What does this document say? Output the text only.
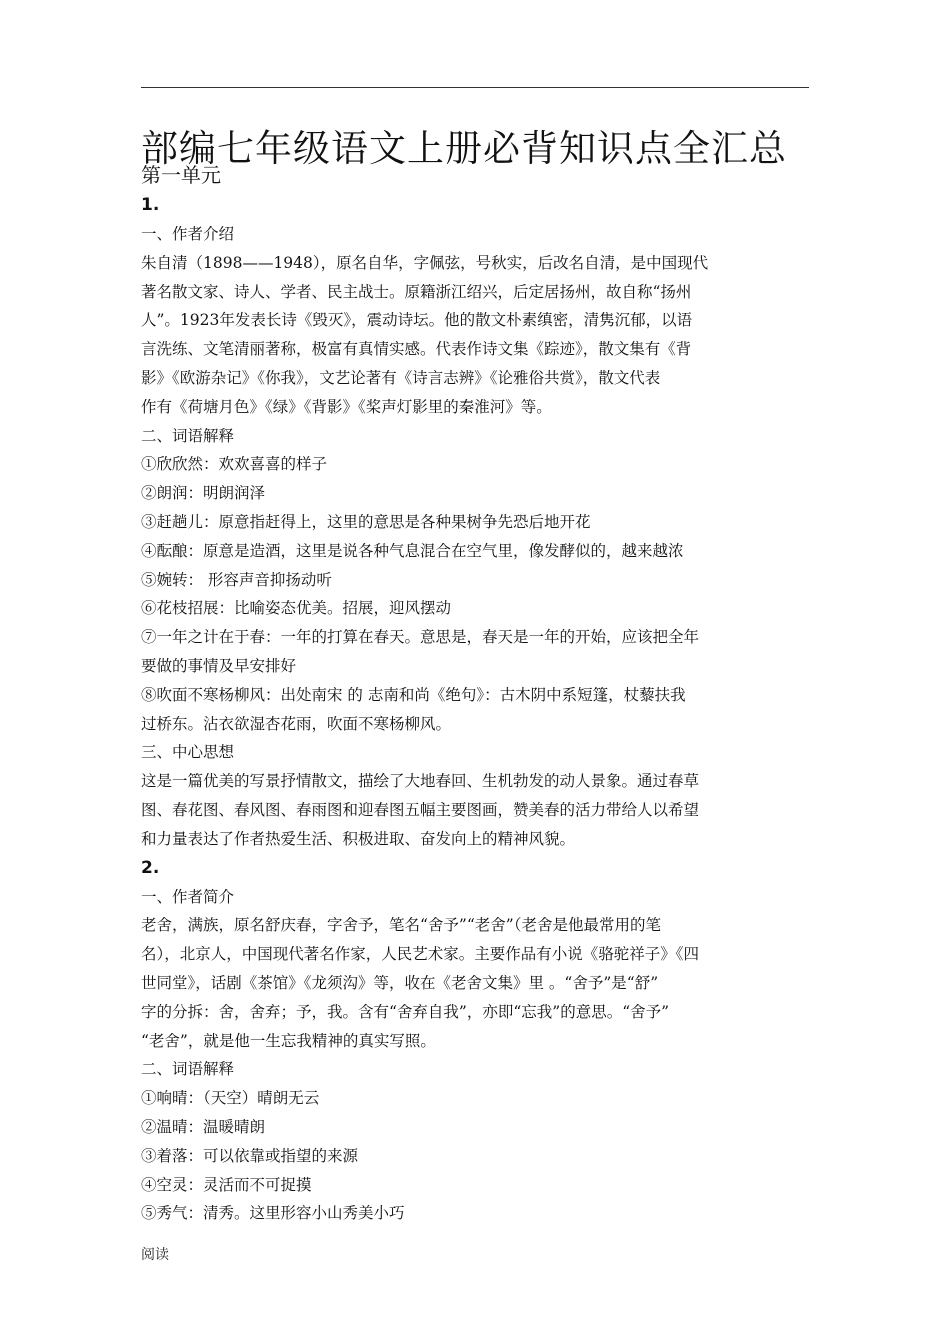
部编七年级语文上册必背知识点全汇总
第一单元
1.
一、作者介绍
朱自清（1898——1948），原名自华，字佩弦，号秋实，后改名自清，是中国现代
著名散文家、诗人、学者、民主战士。原籍浙江绍兴，后定居扬州，故自称“扬州
人”。1923年发表长诗《毁灭》，震动诗坛。他的散文朴素缜密，清隽沉郁，以语
言洗练、文笔清丽著称，极富有真情实感。代表作诗文集《踪迹》，散文集有《背
影》《欧游杂记》《你我》，文艺论著有《诗言志辨》《论雅俗共赏》，散文代表
作有《荷塘月色》《绿》《背影》《桨声灯影里的秦淮河》等。
二、词语解释
①欣欣然：欢欢喜喜的样子
②朗润：明朗润泽
③赶趟儿：原意指赶得上，这里的意思是各种果树争先恐后地开花
④酝酿：原意是造酒，这里是说各种气息混合在空气里，像发酵似的，越来越浓
⑤婉转： 形容声音抑扬动听
⑥花枝招展：比喻姿态优美。招展，迎风摆动
⑦一年之计在于春：一年的打算在春天。意思是，春天是一年的开始，应该把全年
要做的事情及早安排好
⑧吹面不寒杨柳风：出处南宋 的 志南和尚《绝句》：古木阴中系短篷，杖藜扶我
过桥东。沾衣欲湿杏花雨，吹面不寒杨柳风。
三、中心思想
这是一篇优美的写景抒情散文，描绘了大地春回、生机勃发的动人景象。通过春草
图、春花图、春风图、春雨图和迎春图五幅主要图画，赞美春的活力带给人以希望
和力量表达了作者热爱生活、积极进取、奋发向上的精神风貌。
2.
一、作者简介
老舍，满族，原名舒庆春，字舍予，笔名“舍予”“老舍”（老舍是他最常用的笔
名），北京人，中国现代著名作家，人民艺术家。主要作品有小说《骆驼祥子》《四
世同堂》，话剧《茶馆》《龙须沟》等，收在《老舍文集》里 。“舍予”是“舒”
字的分拆：舍，舍弃；予，我。含有“舍弃自我”，亦即“忘我”的意思。“舍予”
“老舍”，就是他一生忘我精神的真实写照。
二、词语解释
①响晴：（天空）晴朗无云
②温晴：温暖晴朗
③着落：可以依靠或指望的来源
④空灵：灵活而不可捉摸
⑤秀气：清秀。这里形容小山秀美小巧
阅读
